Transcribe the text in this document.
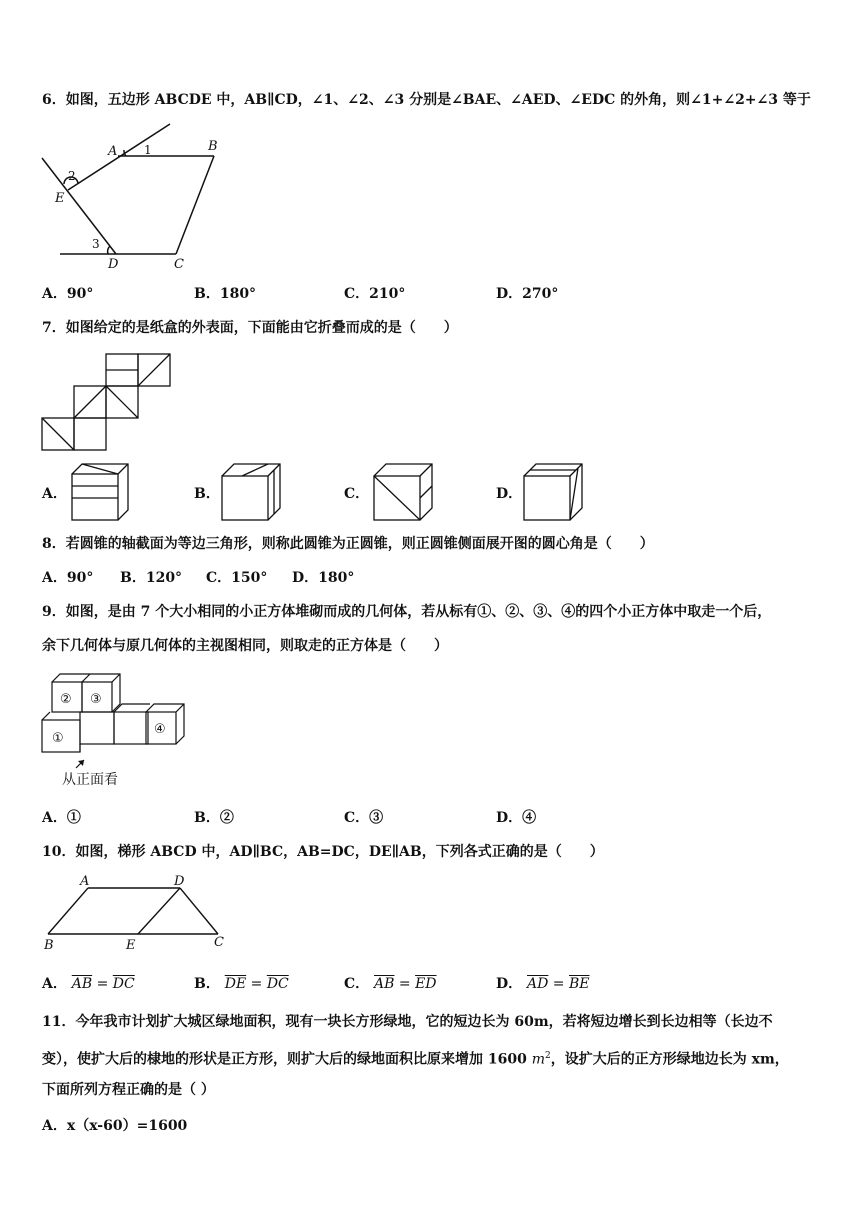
6．如图，五边形 ABCDE 中，AB∥CD，∠1、∠2、∠3 分别是∠BAE、∠AED、∠EDC 的外角，则∠1+∠2+∠3 等于
A 1	B
2
E
3
D	C
A．90°	B．180°	C．210°	D．270°
7．如图给定的是纸盒的外表面，下面能由它折叠而成的是（　　）
A．	B．	C．	D．
8．若圆锥的轴截面为等边三角形，则称此圆锥为正圆锥，则正圆锥侧面展开图的圆心角是（　　）
A．90° B．120° C．150° D．180°
9．如图，是由 7 个大小相同的小正方体堆砌而成的几何体，若从标有①、②、③、④的四个小正方体中取走一个后，
余下几何体与原几何体的主视图相同，则取走的正方体是（　　）
② ③
①
④
从正面看
A．①	B．②	C．③	D．④
10．如图，梯形 ABCD 中，AD∥BC，AB=DC，DE∥AB，下列各式正确的是（　　）
A	D
B	E	C
A． $\overline{AB} = \overline{DC}$	B． $\overline{DE} = \overline{DC}$	C． $\overline{AB} = \overline{ED}$	D． $\overline{AD} = \overline{BE}$
11．今年我市计划扩大城区绿地面积，现有一块长方形绿地，它的短边长为 60m，若将短边增长到长边相等（长边不
变），使扩大后的棣地的形状是正方形，则扩大后的绿地面积比原来增加 1600 $m^2$，设扩大后的正方形绿地边长为 xm，
下面所列方程正确的是（ ）
A．x（x-60）=1600
